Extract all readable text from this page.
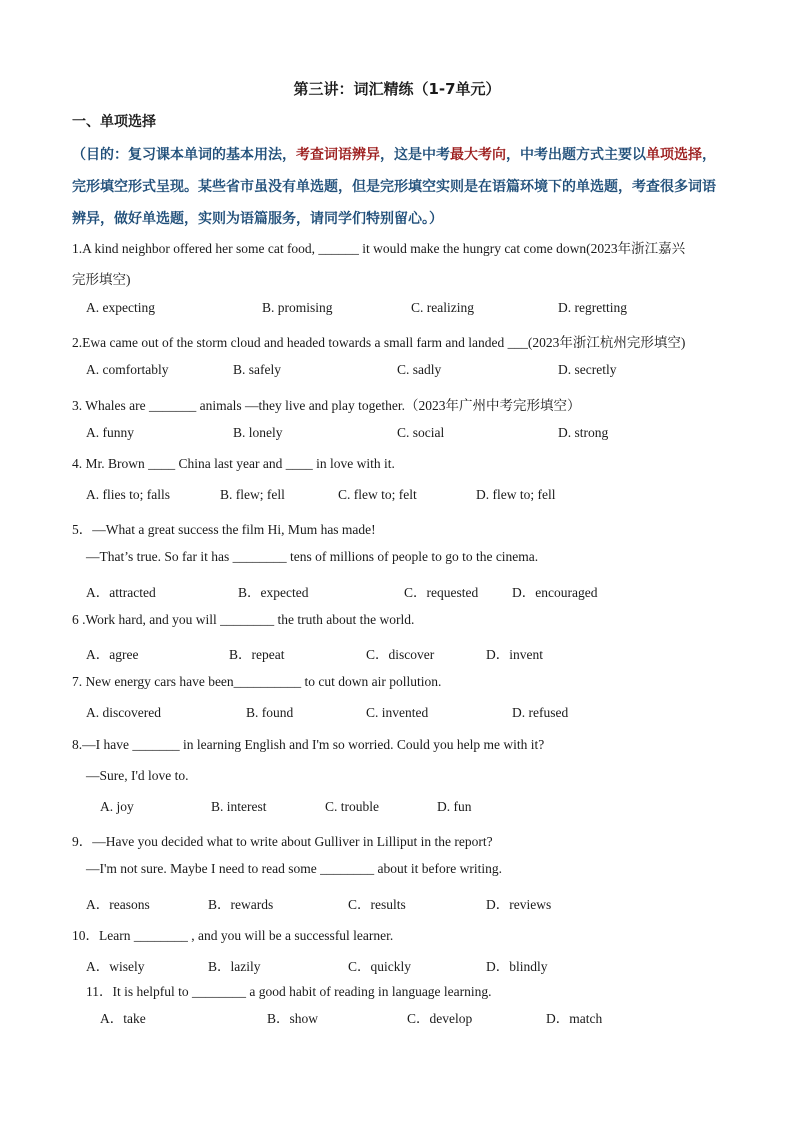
第三讲：词汇精练（1-7单元）
一、单项选择
（目的：复习课本单词的基本用法，考查词语辨异，这是中考最大考向，中考出题方式主要以单项选择，完形填空形式呈现。某些省市虽没有单选题，但是完形填空实则是在语篇环境下的单选题，考查很多词语辨异，做好单选题，实则为语篇服务，请同学们特别留心。）
1.A kind neighbor offered her some cat food, ______ it would make the hungry cat come down(2023年浙江嘉兴
完形填空)
A. expecting	B. promising	C. realizing	D. regretting
2.Ewa came out of the storm cloud and headed towards a small farm and landed ___(2023年浙江杭州完形填空)
A. comfortably	B. safely	C. sadly	D. secretly
3. Whales are _______ animals —they live and play together.（2023年广州中考完形填空）
A. funny	B. lonely	C. social	D. strong
4. Mr. Brown ____ China last year and ____ in love with it.
A. flies to; falls	B. flew; fell	C. flew to; felt	D. flew to; fell
5．—What a great success the film Hi, Mum has made!
—That’s true. So far it has ________ tens of millions of people to go to the cinema.
A．attracted	B．expected	C．requested	D．encouraged
6 .Work hard, and you will ________ the truth about the world.
A．agree	B．repeat	C．discover	D．invent
7. New energy cars have been__________ to cut down air pollution.
A. discovered	B. found	C. invented	D. refused
8.—I have _______ in learning English and I'm so worried. Could you help me with it?
—Sure, I'd love to.
A. joy	B. interest	C. trouble	D. fun
9．—Have you decided what to write about Gulliver in Lilliput in the report?
—I'm not sure. Maybe I need to read some ________ about it before writing.
A．reasons	B．rewards	C．results	D．reviews
10．Learn ________ , and you will be a successful learner.
A．wisely	B．lazily	C．quickly	D．blindly
11．It is helpful to ________ a good habit of reading in language learning.
A．take	B．show	C．develop	D．match
